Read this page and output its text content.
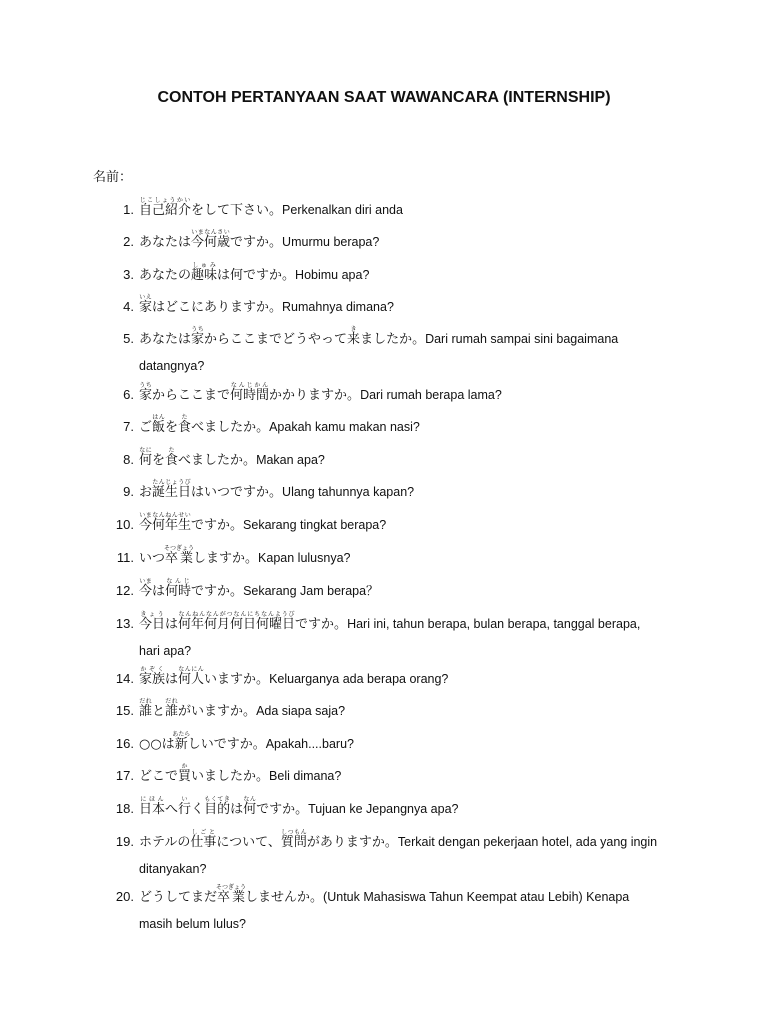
CONTOH PERTANYAAN SAAT WAWANCARA (INTERNSHIP)
名前：
1. 自己紹介じこしょうかいをして下さい。Perkenalkan diri anda
2. あなたは今何歳いまなんさいですか。Umurmu berapa?
3. あなたの趣味しゅみは何ですか。Hobimu apa?
4. 家いえはどこにありますか。Rumahnya dimana?
5. あなたは家うちからここまでどうやって来きましたか。Dari rumah sampai sini bagaimana datangnya?
6. 家うちからここまで何時間なんじかんかかりますか。Dari rumah berapa lama?
7. ご飯はんを食たべましたか。Apakah kamu makan nasi?
8. 何なにを食たべましたか。Makan apa?
9. お誕生日たんじょうびはいつですか。Ulang tahunnya kapan?
10. 今何年生いまなんねんせいですか。Sekarang tingkat berapa?
11. いつ卒業そつぎょうしますか。Kapan lulusnya?
12. 今いまは何時なんじですか。Sekarang Jam berapa？
13. 今日きょうは何年何月何日何曜日なんねんなんがつなんにちなんようびですか。Hari ini, tahun berapa, bulan berapa, tanggal berapa, hari apa?
14. 家族かぞくは何人なんにんいますか。Keluarganya ada berapa orang?
15. 誰だれと誰だれがいますか。Ada siapa saja?
16. ○○は新あたらしいですか。Apakah....baru?
17. どこで買かいましたか。Beli dimana?
18. 日本にほんへ行いく目的もくてきは何なんですか。Tujuan ke Jepangnya apa?
19. ホテルの仕事しごとについて、質問しつもんがありますか。Terkait dengan pekerjaan hotel, ada yang ingin ditanyakan?
20. どうしてまだ卒業そつぎょうしませんか。(Untuk Mahasiswa Tahun Keempat atau Lebih) Kenapa masih belum lulus?
